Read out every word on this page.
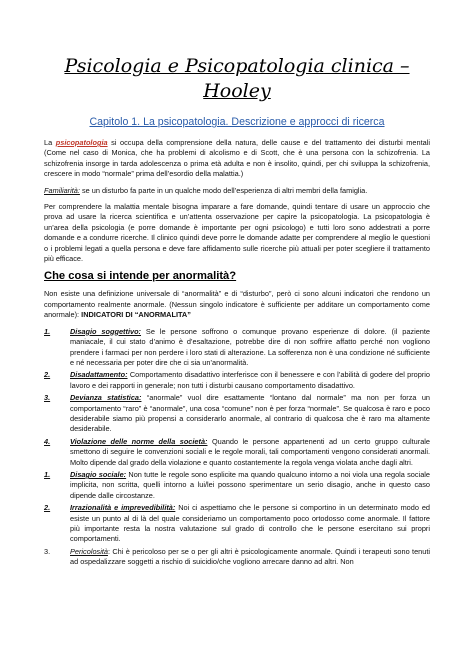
Psicologia e Psicopatologia clinica –
Hooley
Capitolo 1. La psicopatologia. Descrizione e approcci di ricerca

La psicopatologia si occupa della comprensione della natura, delle cause e del trattamento dei disturbi mentali (Come nel caso di Monica, che ha problemi di alcolismo e di Scott, che è una persona con la schizofrenia. La schizofrenia insorge in tarda adolescenza o prima età adulta e non è insolito, quindi, per chi sviluppa la schizofrenia, crescere in modo “normale” prima dell’esordio della malattia.)

Familiarità: se un disturbo fa parte in un qualche modo dell’esperienza di altri membri della famiglia.

Per comprendere la malattia mentale bisogna imparare a fare domande, quindi tentare di usare un approccio che prova ad usare la ricerca scientifica e un’attenta osservazione per capire la psicopatologia. La psicopatologia è un’area della psicologia (e porre domande è importante per ogni psicologo) e tutti loro sono addestrati a porre domande e a condurre ricerche. Il clinico quindi deve porre le domande adatte per comprendere al meglio le questioni o i problemi legati a quella persona e deve fare affidamento sulle ricerche più attuali per poter scegliere il trattamento più efficace.

Che cosa si intende per anormalità?

Non esiste una definizione universale di “anormalità” e di “disturbo”, però ci sono alcuni indicatori che rendono un comportamento realmente anormale. (Nessun singolo indicatore è sufficiente per additare un comportamento come anormale): INDICATORI DI “ANORMALITA”

1.	Disagio soggettivo: Se le persone soffrono o comunque provano esperienze di dolore. (il paziente maniacale, il cui stato d’animo è d’esaltazione, potrebbe dire di non soffrire affatto perché non vogliono prendere i farmaci per non perdere i loro stati di alterazione. La sofferenza non è una condizione né sufficiente e né necessaria per poter dire che ci sia un’anormalità.
2.	Disadattamento: Comportamento disadattivo interferisce con il benessere e con l’abilità di godere del proprio lavoro e dei rapporti in generale; non tutti i disturbi causano comportamento disadattivo.
3.	Devianza statistica: “anormale” vuol dire esattamente “lontano dal normale” ma non per forza un comportamento “raro” è “anormale”, una cosa “comune” non è per forza “normale”. Se qualcosa è raro e poco desiderabile siamo più propensi a considerarlo anormale, al contrario di qualcosa che è raro ma altamente desiderabile.
4.	Violazione delle norme della società: Quando le persone appartenenti ad un certo gruppo culturale smettono di seguire le convenzioni sociali e le regole morali, tali comportamenti vengono considerati anormali. Molto dipende dal grado della violazione e quanto costantemente la regola venga violata anche dagli altri.
1.	Disagio sociale: Non tutte le regole sono esplicite ma quando qualcuno intorno a noi viola una regola sociale implicita, non scritta, quelli intorno a lui/lei possono sperimentare un serio disagio, anche in questo caso dipende dalle circostanze.
2.	Irrazionalità e imprevedibilità: Noi ci aspettiamo che le persone si comportino in un determinato modo ed esiste un punto al di là del quale consideriamo un comportamento poco ortodosso come anormale. Il fattore più importante resta la nostra valutazione sul grado di controllo che le persone esercitano sui propri comportamenti.
3.	Pericolosità: Chi è pericoloso per se o per gli altri è psicologicamente anormale. Quindi i terapeuti sono tenuti ad ospedalizzare soggetti a rischio di suicidio/che vogliono arrecare danno ad altri. Non
